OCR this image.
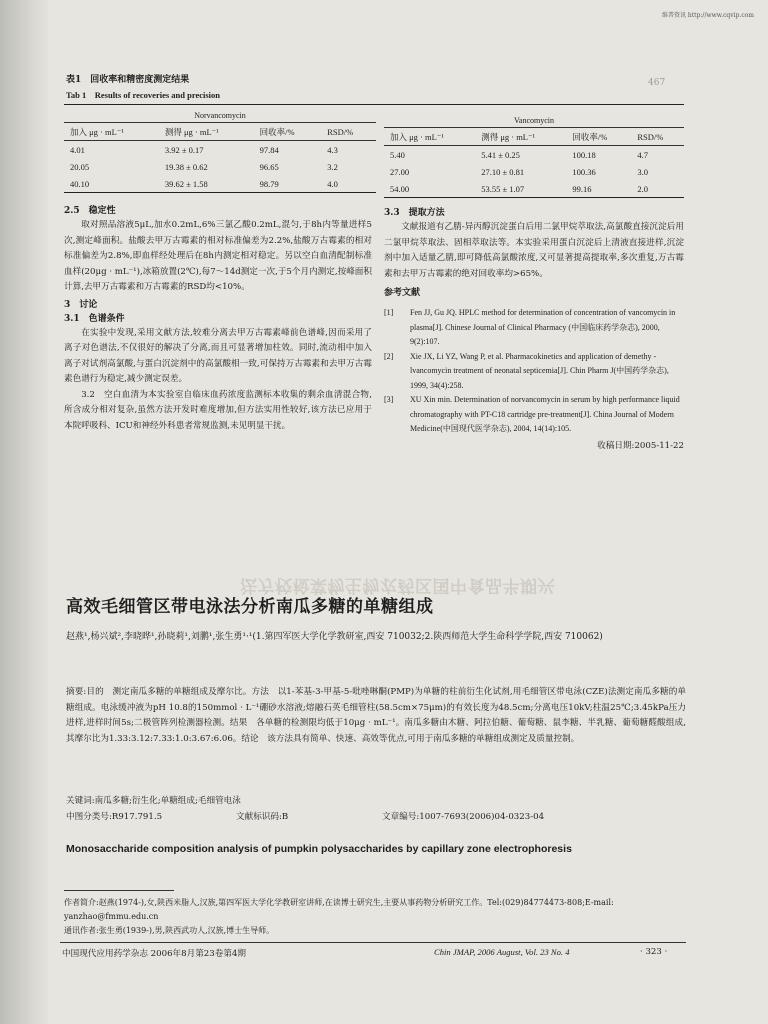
维普资讯 http://www.cqvip.com
467
表1　回收率和精密度测定结果
Tab 1　Results of recoveries and precision
Norvancomycin			
加入 μg · mL⁻¹	测得 μg · mL⁻¹	回收率/%	RSD/%
4.01	3.92 ± 0.17	97.84	4.3
20.05	19.38 ± 0.62	96.65	3.2
40.10	39.62 ± 1.58	98.79	4.0
Vancomycin			
加入 μg · mL⁻¹	测得 μg · mL⁻¹	回收率/%	RSD/%
5.40	5.41 ± 0.25	100.18	4.7
27.00	27.10 ± 0.81	100.36	3.0
54.00	53.55 ± 1.07	99.16	2.0
2.5　稳定性

取对照品溶液5μL,加水0.2mL,6%三氯乙酸0.2mL,混匀,于8h内等量进样5次,测定峰面积。盐酸去甲万古霉素的相对标准偏差为2.2%,盐酸万古霉素的相对标准偏差为2.8%,即血样经处理后在8h内测定相对稳定。另以空白血清配制标准血样(20μg · mL⁻¹),冰箱放置(2℃),每7～14d测定一次,于5个月内测定,按峰面积计算,去甲万古霉素和万古霉素的RSD均<10%。

3　讨论
3.1　色谱条件

在实验中发现,采用文献方法,较难分离去甲万古霉素峰前色谱峰,因而采用了离子对色谱法,不仅很好的解决了分离,而且可显著增加柱效。同时,流动相中加入离子对试剂高氯酸,与蛋白沉淀剂中的高氯酸相一致,可保持万古霉素和去甲万古霉素色谱行为稳定,减少测定误差。

3.2　空白血清为本实验室自临床血药浓度监测标本收集的剩余血清混合物,所含成分相对复杂,虽然方法开发时难度增加,但方法实用性较好,该方法已应用于本院呼吸科、ICU和神经外科患者常规监测,未见明显干扰。

3.3　提取方法

文献报道有乙腈-异丙醇沉淀蛋白后用二氯甲烷萃取法,高氯酸直接沉淀后用二氯甲烷萃取法、固相萃取法等。本实验采用蛋白沉淀后上清液直接进样,沉淀剂中加入适量乙腈,即可降低高氯酸浓度,又可显著提高提取率,多次重复,万古霉素和去甲万古霉素的绝对回收率均>65%。

参考文献
[1] Fen JJ, Gu JQ. HPLC method for determination of concentration of vancomycin in plasma[J]. Chinese Journal of Clinical Pharmacy (中国临床药学杂志), 2000, 9(2):107.
[2] Xie JX, Li YZ, Wang P, et al. Pharmacokinetics and application of demethy -lvancomycin treatment of neonatal septicemia[J]. Chin Pharm J(中国药学杂志), 1999, 34(4):258.
[3] XU Xin min. Determination of norvancomycin in serum by high performance liquid chromatography with PT-C18 cartridge pre-treatment[J]. China Journal of Modern Medicine(中国现代医学杂志), 2004, 14(14):105.
收稿日期:2005-11-22
法方校检菜物生物农药区国中食品半期兴
高效毛细管区带电泳法分析南瓜多糖的单糖组成
赵燕¹,杨兴斌²,李晓晔¹,孙晓莉¹,刘鹏¹,张生勇¹·¹(1.第四军医大学化学教研室,西安 710032;2.陕西师范大学生命科学学院,西安 710062)
摘要:目的　测定南瓜多糖的单糖组成及摩尔比。方法　以1-苯基-3-甲基-5-吡唑啉酮(PMP)为单糖的柱前衍生化试剂,用毛细管区带电泳(CZE)法测定南瓜多糖的单糖组成。电泳缓冲液为pH 10.8的150mmol · L⁻¹硼砂水溶液;熔融石英毛细管柱(58.5cm×75μm)的有效长度为48.5cm;分离电压10kV;柱温25℃;3.45kPa压力进样,进样时间5s;二极管阵列检测器检测。结果　各单糖的检测限均低于10μg · mL⁻¹。南瓜多糖由木糖、阿拉伯糖、葡萄糖、鼠李糖、半乳糖、葡萄糖醛酸组成,其摩尔比为1.33:3.12:7.33:1.0:3.67:6.06。结论　该方法具有简单、快速、高效等优点,可用于南瓜多糖的单糖组成测定及质量控制。
关键词:南瓜多糖;衍生化;单糖组成;毛细管电泳
中图分类号:R917.791.5	文献标识码:B	文章编号:1007-7693(2006)04-0323-04
Monosaccharide composition analysis of pumpkin polysaccharides by capillary zone electrophoresis
作者简介:赵燕(1974-),女,陕西米脂人,汉族,第四军医大学化学教研室讲师,在读博士研究生,主要从事药物分析研究工作。Tel:(029)84774473-808;E-mail: yanzhao@fmmu.edu.cn
通讯作者:张生勇(1939-),男,陕西武功人,汉族,博士生导师。
中国现代应用药学杂志 2006年8月第23卷第4期	Chin JMAP, 2006 August, Vol. 23 No. 4	· 323 ·
